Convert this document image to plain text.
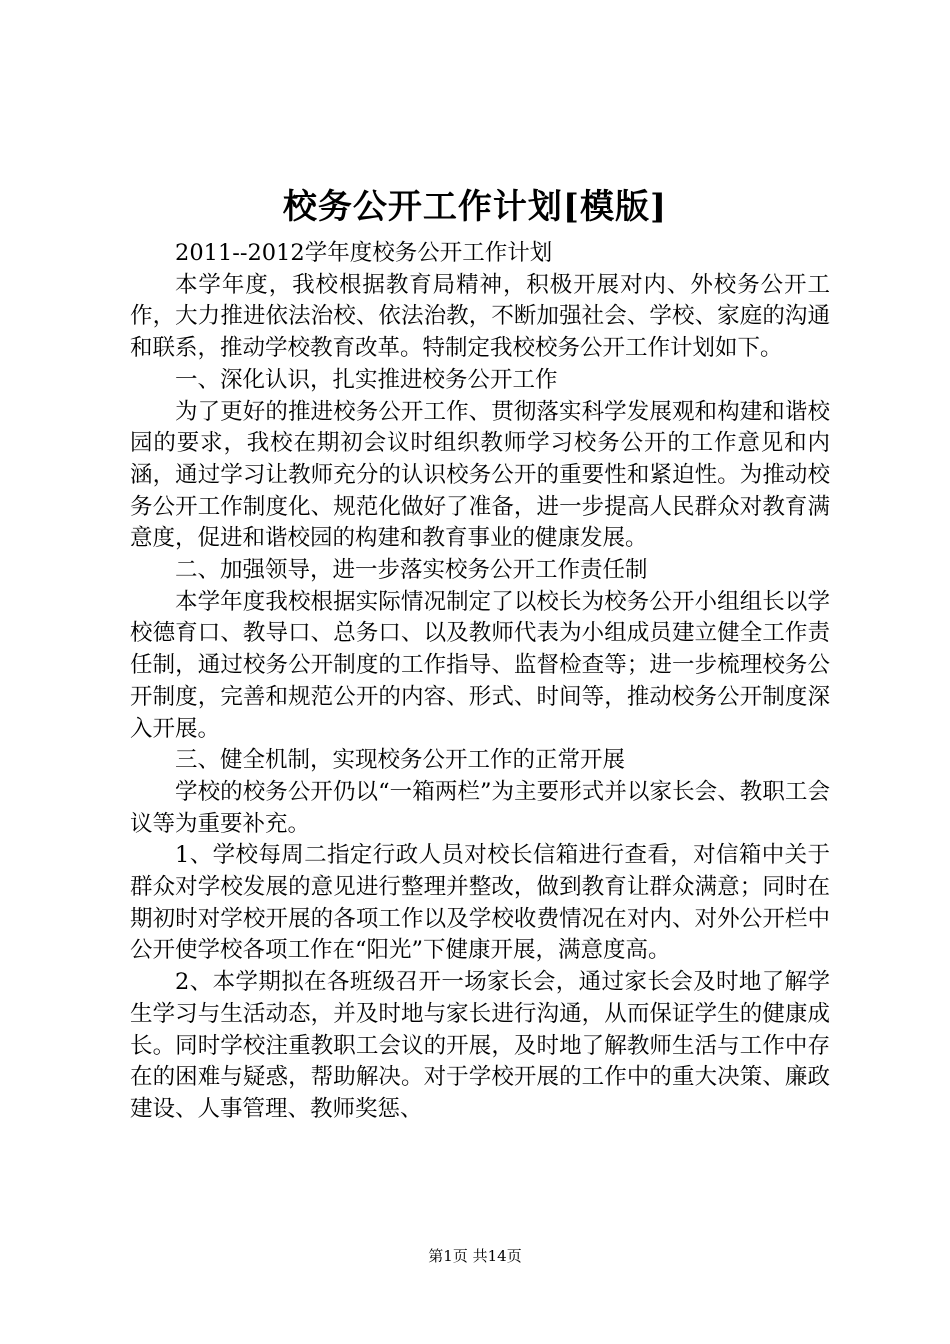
校务公开工作计划[模版]

2011--2012学年度校务公开工作计划

本学年度，我校根据教育局精神，积极开展对内、外校务公开工作，大力推进依法治校、依法治教，不断加强社会、学校、家庭的沟通和联系，推动学校教育改革。特制定我校校务公开工作计划如下。

一、深化认识，扎实推进校务公开工作

为了更好的推进校务公开工作、贯彻落实科学发展观和构建和谐校园的要求，我校在期初会议时组织教师学习校务公开的工作意见和内涵，通过学习让教师充分的认识校务公开的重要性和紧迫性。为推动校务公开工作制度化、规范化做好了准备，进一步提高人民群众对教育满意度，促进和谐校园的构建和教育事业的健康发展。

二、加强领导，进一步落实校务公开工作责任制

本学年度我校根据实际情况制定了以校长为校务公开小组组长以学校德育口、教导口、总务口、以及教师代表为小组成员建立健全工作责任制，通过校务公开制度的工作指导、监督检查等；进一步梳理校务公开制度，完善和规范公开的内容、形式、时间等，推动校务公开制度深入开展。

三、健全机制，实现校务公开工作的正常开展

学校的校务公开仍以“一箱两栏”为主要形式并以家长会、教职工会议等为重要补充。

1、学校每周二指定行政人员对校长信箱进行查看，对信箱中关于群众对学校发展的意见进行整理并整改，做到教育让群众满意；同时在期初时对学校开展的各项工作以及学校收费情况在对内、对外公开栏中公开使学校各项工作在“阳光”下健康开展，满意度高。

2、本学期拟在各班级召开一场家长会，通过家长会及时地了解学生学习与生活动态，并及时地与家长进行沟通，从而保证学生的健康成长。同时学校注重教职工会议的开展，及时地了解教师生活与工作中存在的困难与疑惑，帮助解决。对于学校开展的工作中的重大决策、廉政建设、人事管理、教师奖惩、

第1页 共14页
